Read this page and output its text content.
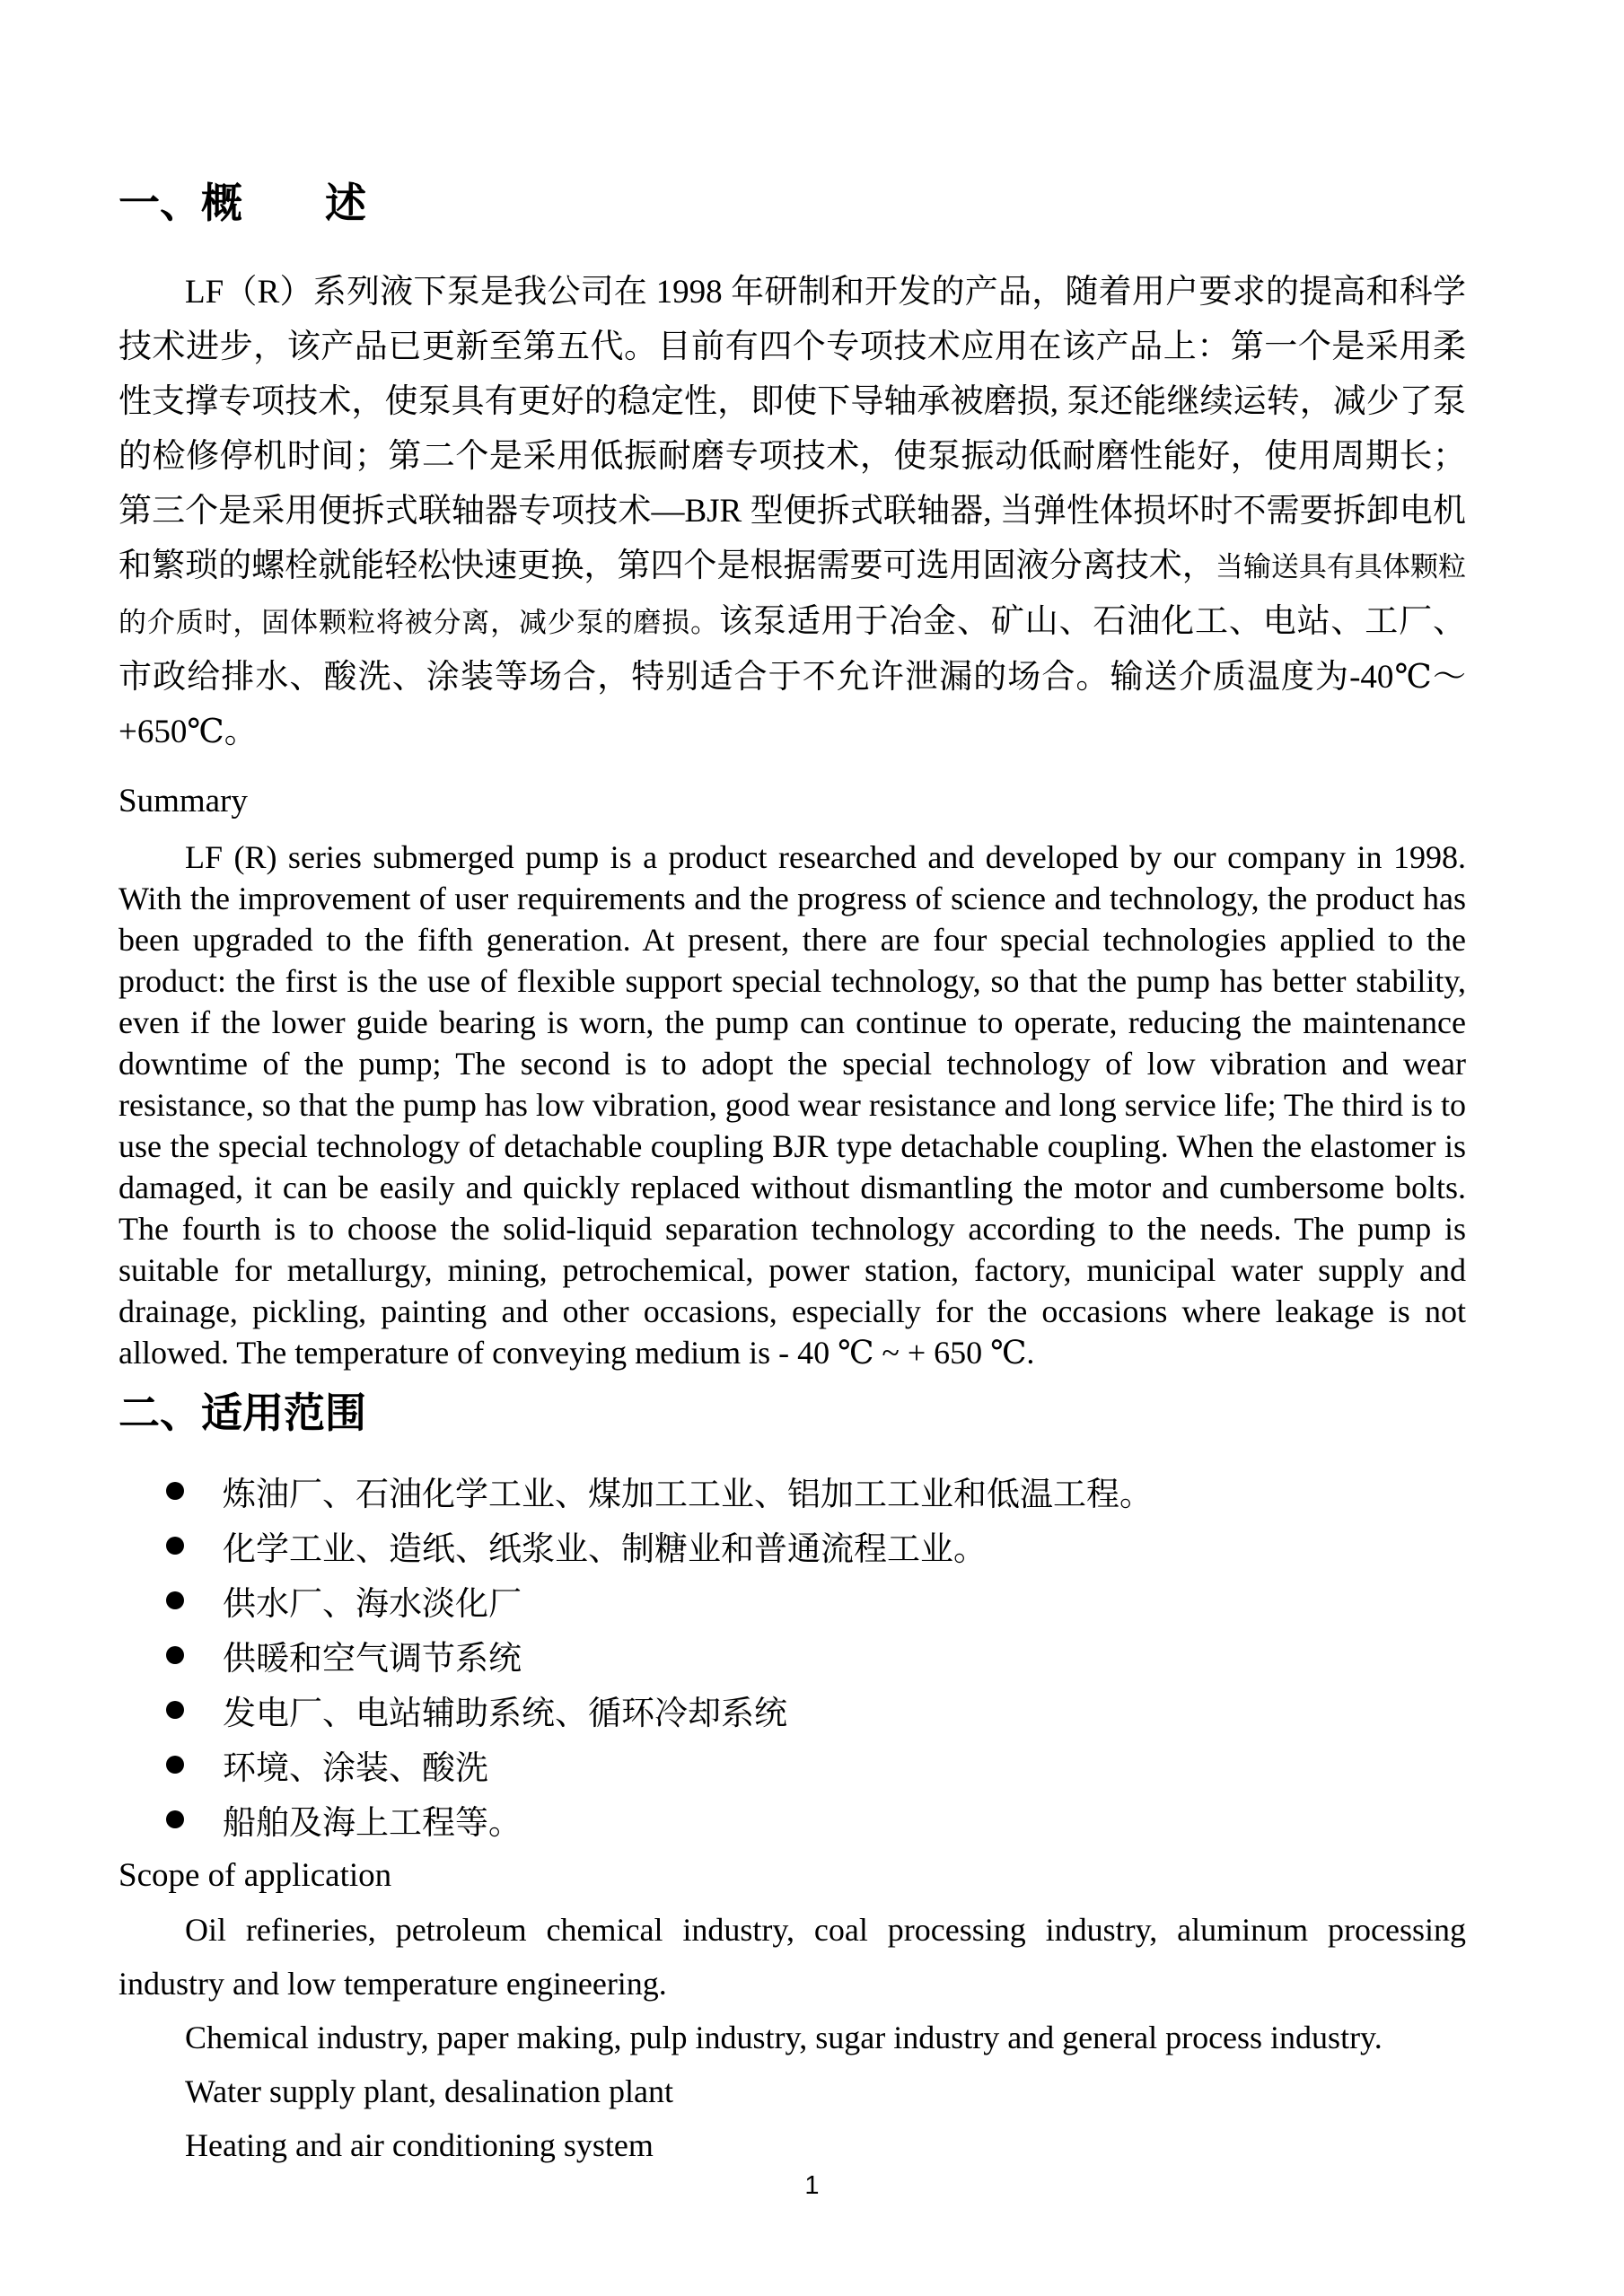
一、概　　述

LF（R）系列液下泵是我公司在 1998 年研制和开发的产品，随着用户要求的提高和科学技术进步，该产品已更新至第五代。目前有四个专项技术应用在该产品上：第一个是采用柔性支撑专项技术，使泵具有更好的稳定性，即使下导轴承被磨损, 泵还能继续运转，减少了泵的检修停机时间；第二个是采用低振耐磨专项技术，使泵振动低耐磨性能好，使用周期长；第三个是采用便拆式联轴器专项技术—BJR 型便拆式联轴器, 当弹性体损坏时不需要拆卸电机和繁琐的螺栓就能轻松快速更换，第四个是根据需要可选用固液分离技术，当输送具有具体颗粒的介质时，固体颗粒将被分离，减少泵的磨损。该泵适用于冶金、矿山、石油化工、电站、工厂、市政给排水、酸洗、涂装等场合，特别适合于不允许泄漏的场合。输送介质温度为-40℃～+650℃。

Summary

LF (R) series submerged pump is a product researched and developed by our company in 1998. With the improvement of user requirements and the progress of science and technology, the product has been upgraded to the fifth generation. At present, there are four special technologies applied to the product: the first is the use of flexible support special technology, so that the pump has better stability, even if the lower guide bearing is worn, the pump can continue to operate, reducing the maintenance downtime of the pump; The second is to adopt the special technology of low vibration and wear resistance, so that the pump has low vibration, good wear resistance and long service life; The third is to use the special technology of detachable coupling BJR type detachable coupling. When the elastomer is damaged, it can be easily and quickly replaced without dismantling the motor and cumbersome bolts. The fourth is to choose the solid-liquid separation technology according to the needs. The pump is suitable for metallurgy, mining, petrochemical, power station, factory, municipal water supply and drainage, pickling, painting and other occasions, especially for the occasions where leakage is not allowed. The temperature of conveying medium is - 40 ℃ ~ + 650 ℃.

二、适用范围
炼油厂、石油化学工业、煤加工工业、铝加工工业和低温工程。
化学工业、造纸、纸浆业、制糖业和普通流程工业。
供水厂、海水淡化厂
供暖和空气调节系统
发电厂、电站辅助系统、循环冷却系统
环境、涂装、酸洗
船舶及海上工程等。

Scope of application

Oil refineries, petroleum chemical industry, coal processing industry, aluminum processing industry and low temperature engineering.

Chemical industry, paper making, pulp industry, sugar industry and general process industry.

Water supply plant, desalination plant

Heating and air conditioning system

1
